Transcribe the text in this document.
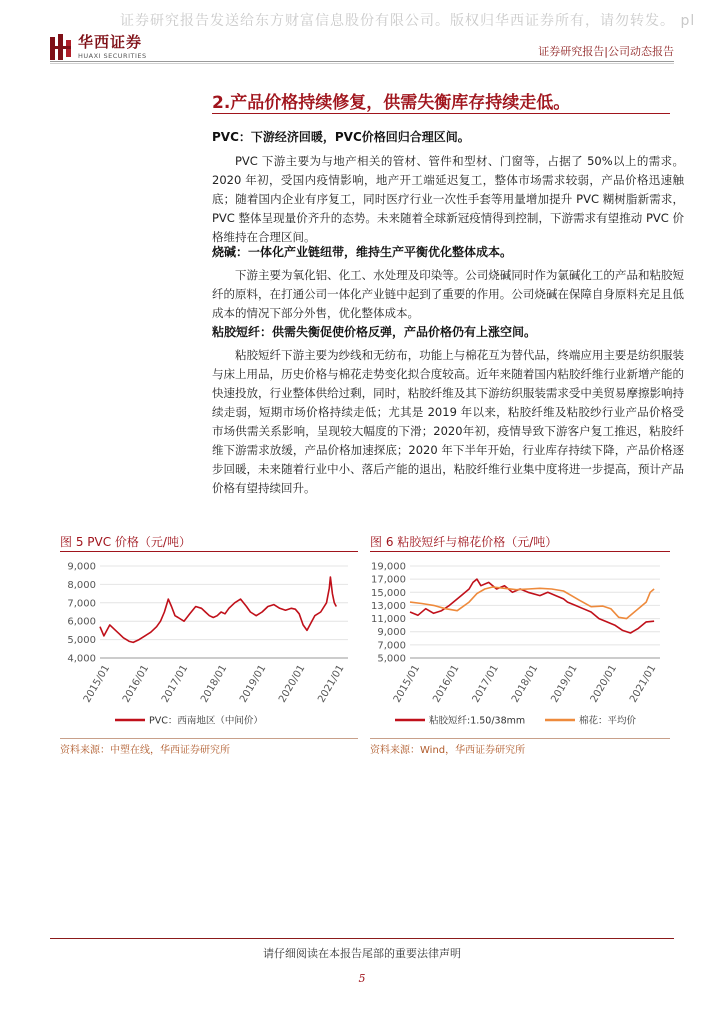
证券研究报告发送给东方财富信息股份有限公司。版权归华西证券所有，请勿转发。 pl
华西证券
HUAXI SECURITIES	证券研究报告|公司动态报告
2.产品价格持续修复，供需失衡库存持续走低。
PVC：下游经济回暖，PVC价格回归合理区间。

PVC 下游主要为与地产相关的管材、管件和型材、门窗等，占据了 50%以上的需求。2020 年初，受国内疫情影响，地产开工端延迟复工，整体市场需求较弱，产品价格迅速触底；随着国内企业有序复工，同时医疗行业一次性手套等用量增加提升 PVC 糊树脂新需求，PVC 整体呈现量价齐升的态势。未来随着全球新冠疫情得到控制，下游需求有望推动 PVC 价格维持在合理区间。

烧碱：一体化产业链纽带，维持生产平衡优化整体成本。

下游主要为氧化铝、化工、水处理及印染等。公司烧碱同时作为氯碱化工的产品和粘胶短纤的原料，在打通公司一体化产业链中起到了重要的作用。公司烧碱在保障自身原料充足且低成本的情况下部分外售，优化整体成本。

粘胶短纤：供需失衡促使价格反弹，产品价格仍有上涨空间。

粘胶短纤下游主要为纱线和无纺布，功能上与棉花互为替代品，终端应用主要是纺织服装与床上用品，历史价格与棉花走势变化拟合度较高。近年来随着国内粘胶纤维行业新增产能的快速投放，行业整体供给过剩，同时，粘胶纤维及其下游纺织服装需求受中美贸易摩擦影响持续走弱，短期市场价格持续走低；尤其是 2019 年以来，粘胶纤维及粘胶纱行业产品价格受市场供需关系影响，呈现较大幅度的下滑；2020年初，疫情导致下游客户复工推迟，粘胶纤维下游需求放缓，产品价格加速探底；2020 年下半年开始，行业库存持续下降，产品价格逐步回暖，未来随着行业中小、落后产能的退出，粘胶纤维行业集中度将进一步提高，预计产品价格有望持续回升。

图 5 PVC 价格（元/吨）
9,000
8,000
7,000
6,000
5,000
4,000
2015/01 2016/01 2017/01 2018/01 2019/01 2020/01 2021/01
PVC：西南地区（中间价）
资料来源：中塑在线，华西证券研究所
图 6 粘胶短纤与棉花价格（元/吨）
19,000
17,000
15,000
13,000
11,000
9,000
7,000
5,000
2015/01 2016/01 2017/01 2018/01 2019/01 2020/01 2021/01
粘胶短纤:1.50/38mm	棉花：平均价
资料来源：Wind，华西证券研究所
请仔细阅读在本报告尾部的重要法律声明
5
